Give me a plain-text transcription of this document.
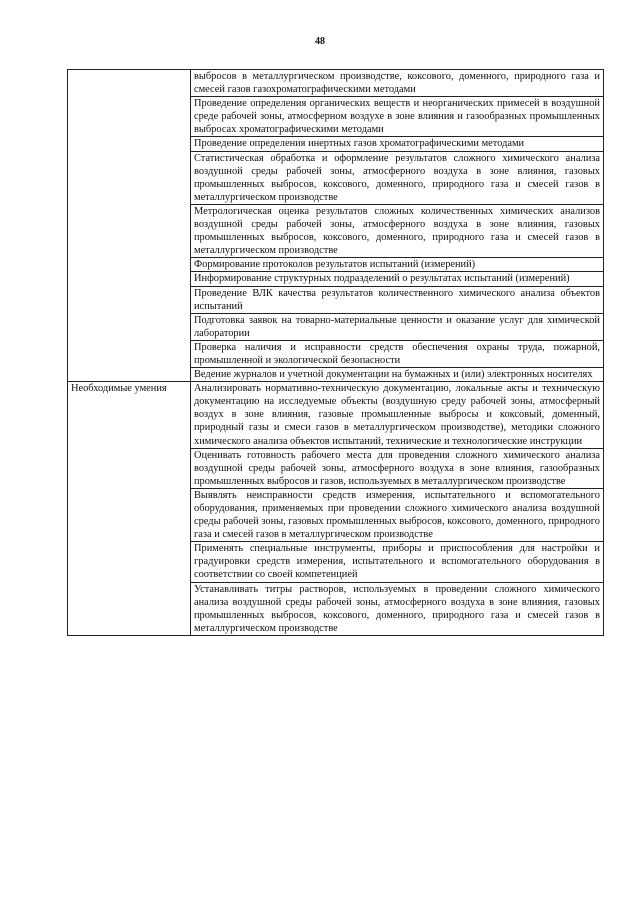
48
	выбросов в металлургическом производстве, коксового, доменного, природного газа и смесей газов газохроматографическими методами
	Проведение определения органических веществ и неорганических примесей в воздушной среде рабочей зоны, атмосферном воздухе в зоне влияния и газообразных промышленных выбросах хроматографическими методами
	Проведение определения инертных газов хроматографическими методами
	Статистическая обработка и оформление результатов сложного химического анализа воздушной среды рабочей зоны, атмосферного воздуха в зоне влияния, газовых промышленных выбросов, коксового, доменного, природного газа и смесей газов в металлургическом производстве
	Метрологическая оценка результатов сложных количественных химических анализов воздушной среды рабочей зоны, атмосферного воздуха в зоне влияния, газовых промышленных выбросов, коксового, доменного, природного газа и смесей газов в металлургическом производстве
	Формирование протоколов результатов испытаний (измерений)
	Информирование структурных подразделений о результатах испытаний (измерений)
	Проведение ВЛК качества результатов количественного химического анализа объектов испытаний
	Подготовка заявок на товарно-материальные ценности и оказание услуг для химической лаборатории
	Проверка наличия и исправности средств обеспечения охраны труда, пожарной, промышленной и экологической безопасности
	Ведение журналов и учетной документации на бумажных и (или) электронных носителях
Необходимые умения	Анализировать нормативно-техническую документацию, локальные акты и техническую документацию на исследуемые объекты (воздушную среду рабочей зоны, атмосферный воздух в зоне влияния, газовые промышленные выбросы и коксовый, доменный, природный газы и смеси газов в металлургическом производстве), методики сложного химического анализа объектов испытаний, технические и технологические инструкции
	Оценивать готовность рабочего места для проведения сложного химического анализа воздушной среды рабочей зоны, атмосферного воздуха в зоне влияния, газообразных промышленных выбросов и газов, используемых в металлургическом производстве
	Выявлять неисправности средств измерения, испытательного и вспомогательного оборудования, применяемых при проведении сложного химического анализа воздушной среды рабочей зоны, газовых промышленных выбросов, коксового, доменного, природного газа и смесей газов в металлургическом производстве
	Применять специальные инструменты, приборы и приспособления для настройки и градуировки средств измерения, испытательного и вспомогательного оборудования в соответствии со своей компетенцией
	Устанавливать титры растворов, используемых в проведении сложного химического анализа воздушной среды рабочей зоны, атмосферного воздуха в зоне влияния, газовых промышленных выбросов, коксового, доменного, природного газа и смесей газов в металлургическом производстве
